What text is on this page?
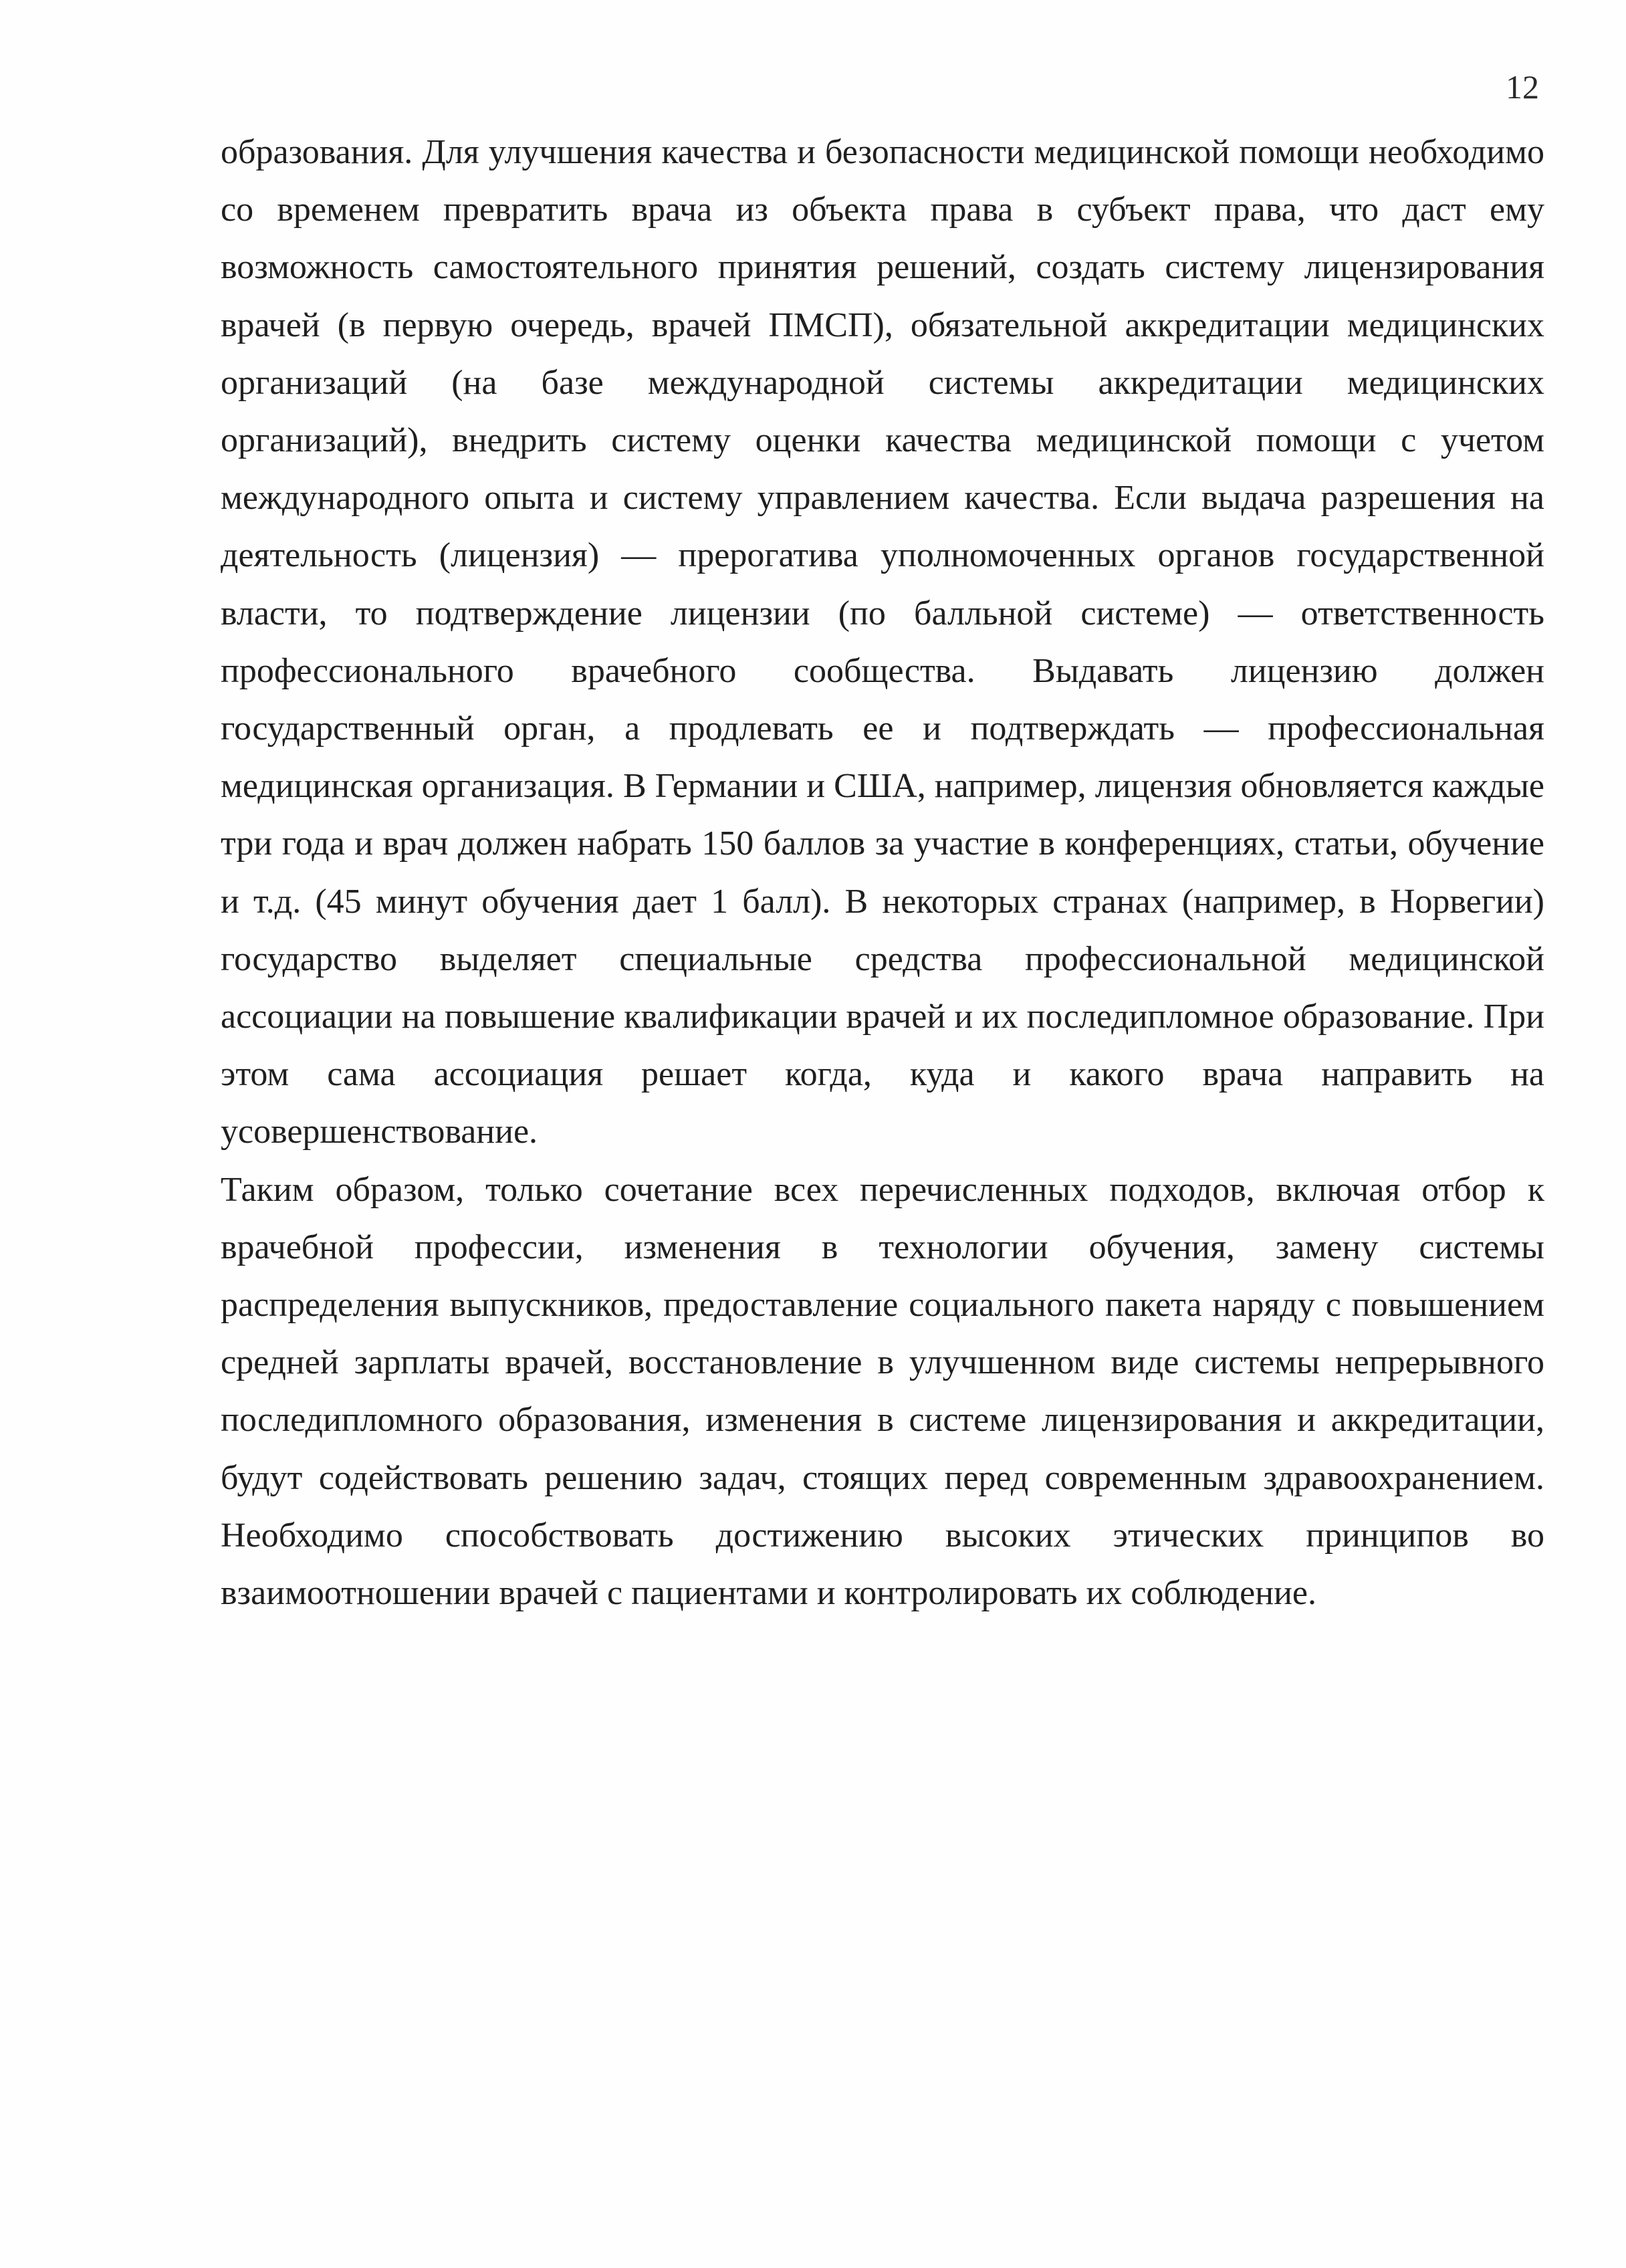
12

образования. Для улучшения качества и безопасности медицинской помощи необходимо со временем превратить врача из объекта права в субъект права, что даст ему возможность самостоятельного принятия решений, создать систему лицензирования врачей (в первую очередь, врачей ПМСП), обязательной аккредитации медицинских организаций (на базе международной системы аккредитации медицинских организаций), внедрить систему оценки качества медицинской помощи с учетом международного опыта и систему управлением качества. Если выдача разрешения на деятельность (лицензия) — прерогатива уполномоченных органов государственной власти, то подтверждение лицензии (по балльной системе) — ответственность профессионального врачебного сообщества. Выдавать лицензию должен государственный орган, а продлевать ее и подтверждать — профессиональная медицинская организация. В Германии и США, например, лицензия обновляется каждые три года и врач должен набрать 150 баллов за участие в конференциях, статьи, обучение и т.д. (45 минут обучения дает 1 балл). В некоторых странах (например, в Норвегии) государство выделяет специальные средства профессиональной медицинской ассоциации на повышение квалификации врачей и их последипломное образование. При этом сама ассоциация решает когда, куда и какого врача направить на усовершенствование.

Таким образом, только сочетание всех перечисленных подходов, включая отбор к врачебной профессии, изменения в технологии обучения, замену системы распределения выпускников, предоставление социального пакета наряду с повышением средней зарплаты врачей, восстановление в улучшенном виде системы непрерывного последипломного образования, изменения в системе лицензирования и аккредитации, будут содействовать решению задач, стоящих перед современным здравоохранением. Необходимо способствовать достижению высоких этических принципов во взаимоотношении врачей с пациентами и контролировать их соблюдение.
